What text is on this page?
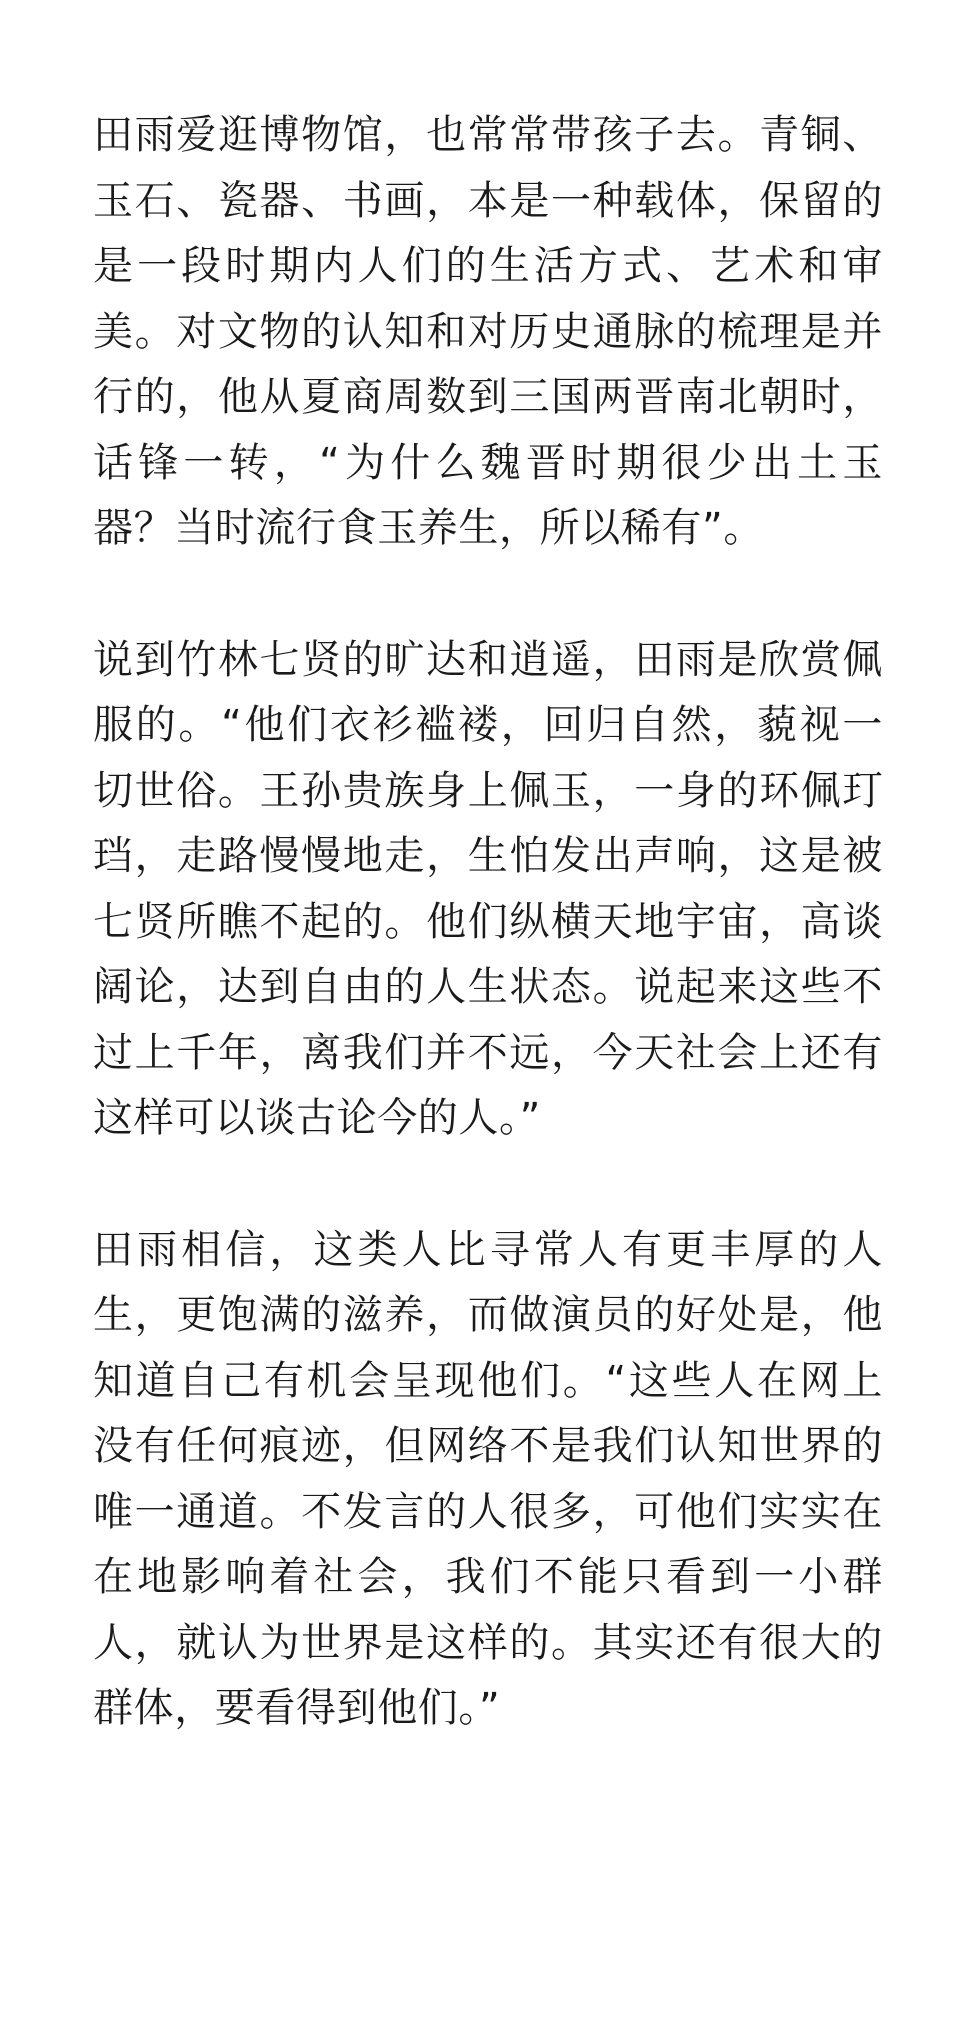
田雨爱逛博物馆，也常常带孩子去。青铜、玉石、瓷器、书画，本是一种载体，保留的是一段时期内人们的生活方式、艺术和审美。对文物的认知和对历史通脉的梳理是并行的，他从夏商周数到三国两晋南北朝时，话锋一转，“为什么魏晋时期很少出土玉器？当时流行食玉养生，所以稀有”。

说到竹林七贤的旷达和逍遥，田雨是欣赏佩服的。“他们衣衫褴褛，回归自然，藐视一切世俗。王孙贵族身上佩玉，一身的环佩玎珰，走路慢慢地走，生怕发出声响，这是被七贤所瞧不起的。他们纵横天地宇宙，高谈阔论，达到自由的人生状态。说起来这些不过上千年，离我们并不远，今天社会上还有这样可以谈古论今的人。”

田雨相信，这类人比寻常人有更丰厚的人生，更饱满的滋养，而做演员的好处是，他知道自己有机会呈现他们。“这些人在网上没有任何痕迹，但网络不是我们认知世界的唯一通道。不发言的人很多，可他们实实在在地影响着社会，我们不能只看到一小群人，就认为世界是这样的。其实还有很大的群体，要看得到他们。”
